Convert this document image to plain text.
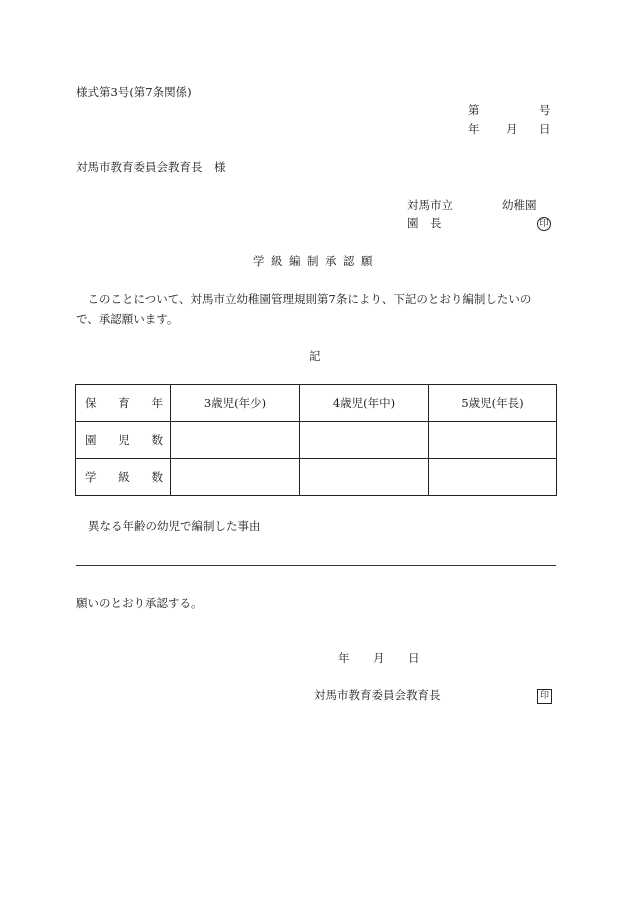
様式第3号(第7条関係)
第	号
年 月 日
対馬市教育委員会教育長　様
対馬市立	幼稚園
園　長	印
学級編制承認願
　このことについて、対馬市立幼稚園管理規則第7条により、下記のとおり編制したいの
で、承認願います。
記
保 育 年	3歳児(年少)	4歳児(年中)	5歳児(年長)

園 児 数			

学 級 数			

異なる年齢の幼児で編制した事由
願いのとおり承認する。
年 月 日
対馬市教育委員会教育長	印
